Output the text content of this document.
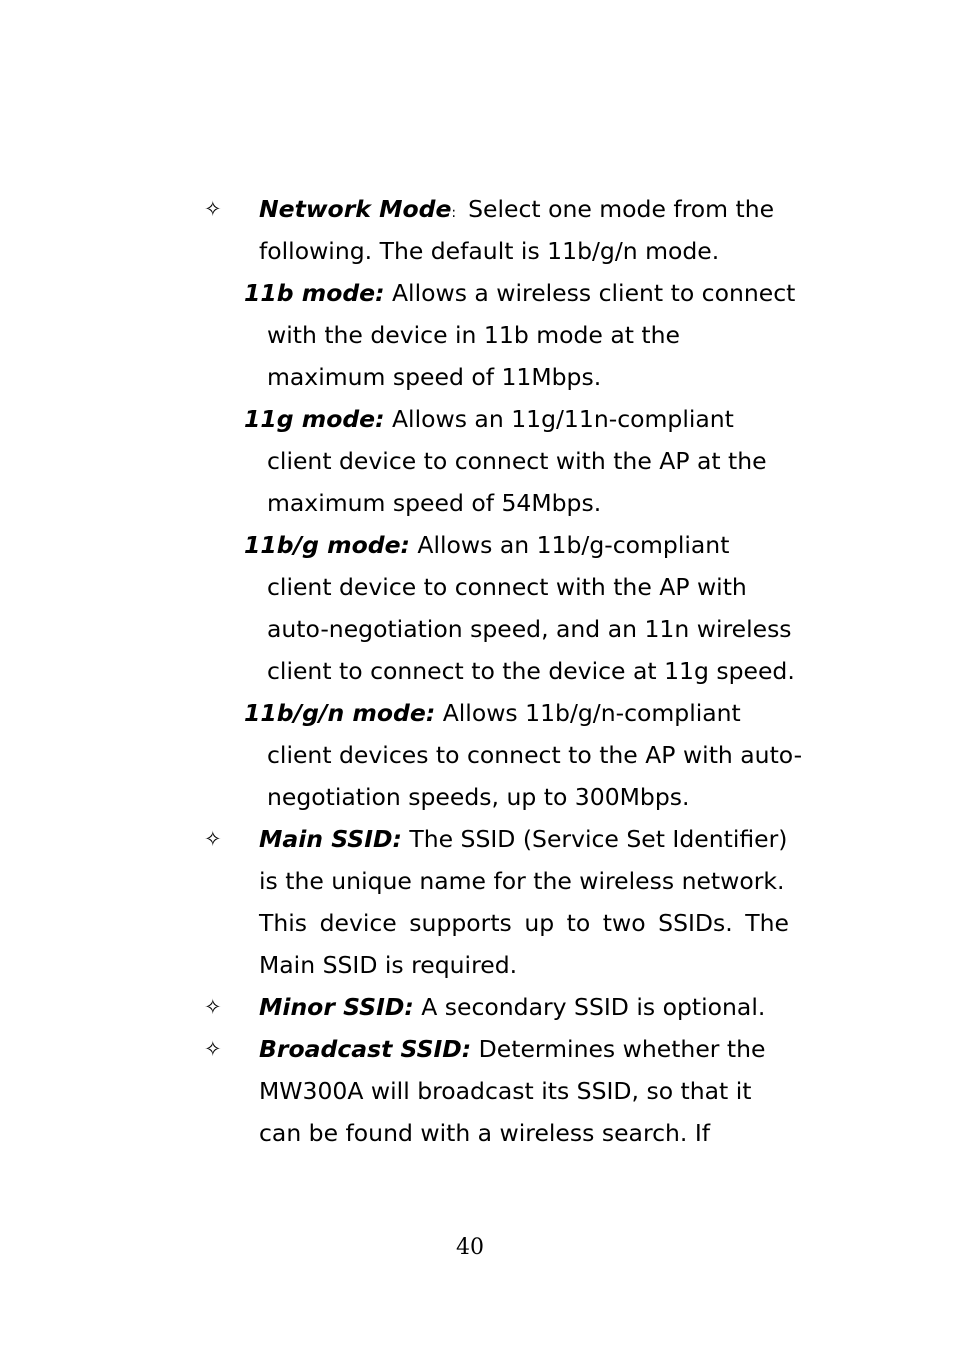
✧ Network Mode: Select one mode from the
following. The default is 11b/g/n mode.
11b mode: Allows a wireless client to connect
with the device in 11b mode at the
maximum speed of 11Mbps.
11g mode: Allows an 11g/11n-compliant
client device to connect with the AP at the
maximum speed of 54Mbps.
11b/g mode: Allows an 11b/g-compliant
client device to connect with the AP with
auto-negotiation speed, and an 11n wireless
client to connect to the device at 11g speed.
11b/g/n mode: Allows 11b/g/n-compliant
client devices to connect to the AP with auto-
negotiation speeds, up to 300Mbps.
✧ Main SSID: The SSID (Service Set Identifier)
is the unique name for the wireless network.
This device supports up to two SSIDs. The
Main SSID is required.
✧ Minor SSID: A secondary SSID is optional.
✧ Broadcast SSID: Determines whether the
MW300A will broadcast its SSID, so that it
can be found with a wireless search. If
40
